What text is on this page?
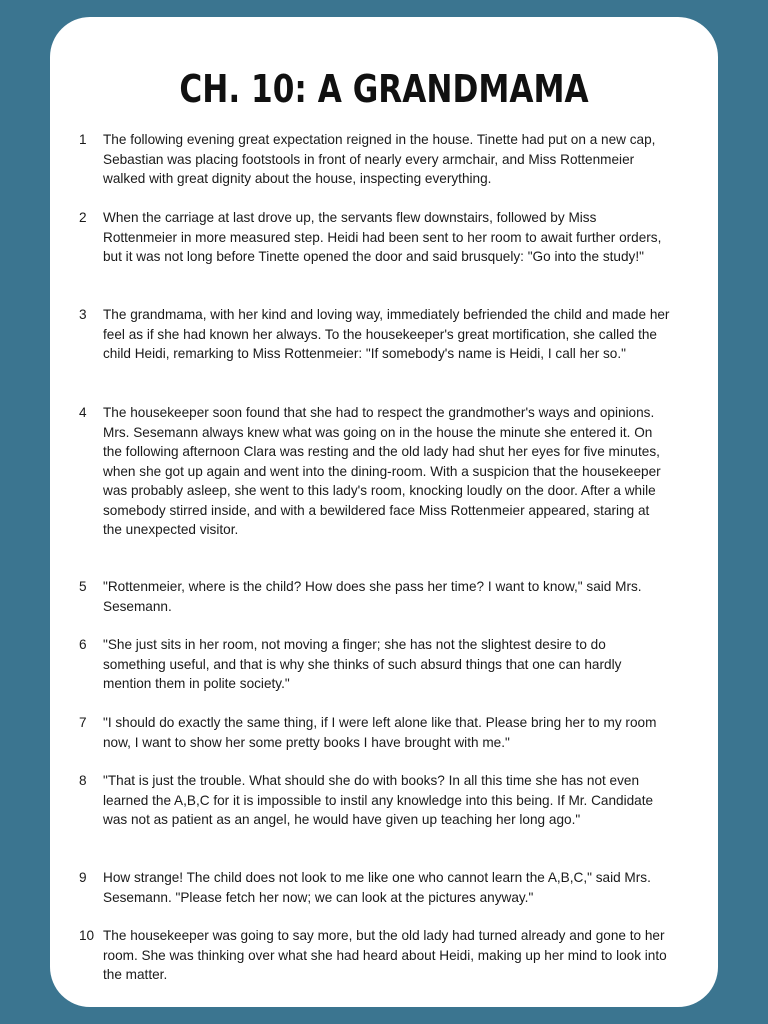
CH. 10: A GRANDMAMA
1 The following evening great expectation reigned in the house. Tinette had put on a new cap, Sebastian was placing footstools in front of nearly every armchair, and Miss Rottenmeier walked with great dignity about the house, inspecting everything.
2 When the carriage at last drove up, the servants flew downstairs, followed by Miss Rottenmeier in more measured step. Heidi had been sent to her room to await further orders, but it was not long before Tinette opened the door and said brusquely: "Go into the study!"
3 The grandmama, with her kind and loving way, immediately befriended the child and made her feel as if she had known her always. To the housekeeper's great mortification, she called the child Heidi, remarking to Miss Rottenmeier: "If somebody's name is Heidi, I call her so."
4 The housekeeper soon found that she had to respect the grandmother's ways and opinions. Mrs. Sesemann always knew what was going on in the house the minute she entered it. On the following afternoon Clara was resting and the old lady had shut her eyes for five minutes, when she got up again and went into the dining-room. With a suspicion that the housekeeper was probably asleep, she went to this lady's room, knocking loudly on the door. After a while somebody stirred inside, and with a bewildered face Miss Rottenmeier appeared, staring at the unexpected visitor.
5 "Rottenmeier, where is the child? How does she pass her time? I want to know," said Mrs. Sesemann.
6 "She just sits in her room, not moving a finger; she has not the slightest desire to do something useful, and that is why she thinks of such absurd things that one can hardly mention them in polite society."
7 "I should do exactly the same thing, if I were left alone like that. Please bring her to my room now, I want to show her some pretty books I have brought with me."
8 "That is just the trouble. What should she do with books? In all this time she has not even learned the A,B,C for it is impossible to instil any knowledge into this being. If Mr. Candidate was not as patient as an angel, he would have given up teaching her long ago."
9 How strange! The child does not look to me like one who cannot learn the A,B,C," said Mrs. Sesemann. "Please fetch her now; we can look at the pictures anyway."
10 The housekeeper was going to say more, but the old lady had turned already and gone to her room. She was thinking over what she had heard about Heidi, making up her mind to look into the matter.
